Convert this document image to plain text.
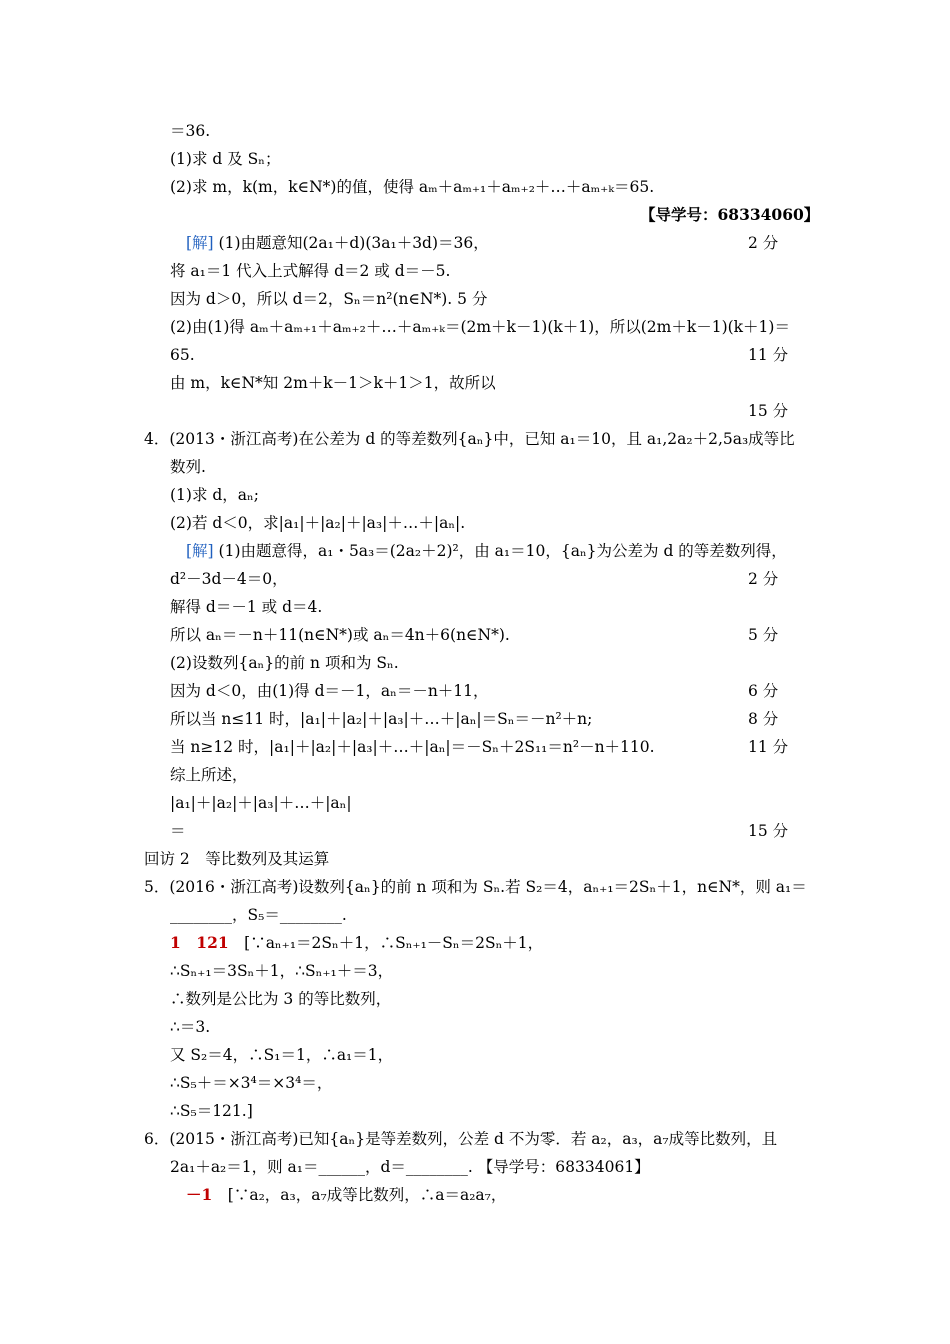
＝36.
(1)求 d 及 Sₙ；
(2)求 m，k(m，k∈N*)的值，使得 aₘ＋aₘ₊₁＋aₘ₊₂＋…＋aₘ₊ₖ＝65.
【导学号：68334060】
[解] (1)由题意知(2a₁＋d)(3a₁＋3d)＝36，	2 分
将 a₁＝1 代入上式解得 d＝2 或 d＝－5.
因为 d＞0，所以 d＝2，Sₙ＝n²(n∈N*). 5 分
(2)由(1)得 aₘ＋aₘ₊₁＋aₘ₊₂＋…＋aₘ₊ₖ＝(2m＋k－1)(k＋1)，所以(2m＋k－1)(k＋1)＝
65.	11 分
由 m，k∈N*知 2m＋k－1＞k＋1＞1，故所以
15 分
4．(2013・浙江高考)在公差为 d 的等差数列{aₙ}中，已知 a₁＝10，且 a₁,2a₂＋2,5a₃成等比
数列.
(1)求 d，aₙ;
(2)若 d＜0，求|a₁|＋|a₂|＋|a₃|＋…＋|aₙ|.
[解] (1)由题意得，a₁・5a₃＝(2a₂＋2)²，由 a₁＝10，{aₙ}为公差为 d 的等差数列得，
d²－3d－4＝0，	2 分
解得 d＝－1 或 d＝4.
所以 aₙ＝－n＋11(n∈N*)或 aₙ＝4n＋6(n∈N*).	5 分
(2)设数列{aₙ}的前 n 项和为 Sₙ.
因为 d＜0，由(1)得 d＝－1，aₙ＝－n＋11，	6 分
所以当 n≤11 时，|a₁|＋|a₂|＋|a₃|＋…＋|aₙ|＝Sₙ＝－n²＋n;	8 分
当 n≥12 时，|a₁|＋|a₂|＋|a₃|＋…＋|aₙ|＝－Sₙ＋2S₁₁＝n²－n＋110.	11 分
综上所述，
|a₁|＋|a₂|＋|a₃|＋…＋|aₙ|
＝	15 分
回访 2　等比数列及其运算
5．(2016・浙江高考)设数列{aₙ}的前 n 项和为 Sₙ.若 S₂＝4，aₙ₊₁＝2Sₙ＋1，n∈N*，则 a₁＝
________，S₅＝________.
1　121　[∵aₙ₊₁＝2Sₙ＋1，∴Sₙ₊₁－Sₙ＝2Sₙ＋1，
∴Sₙ₊₁＝3Sₙ＋1，∴Sₙ₊₁＋＝3，
∴数列是公比为 3 的等比数列，
∴＝3.
又 S₂＝4，∴S₁＝1，∴a₁＝1，
∴S₅＋＝×3⁴＝×3⁴＝，
∴S₅＝121.]
6．(2015・浙江高考)已知{aₙ}是等差数列，公差 d 不为零．若 a₂，a₃，a₇成等比数列，且
2a₁＋a₂＝1，则 a₁＝______，d＝________. 【导学号：68334061】
－1　[∵a₂，a₃，a₇成等比数列，∴a＝a₂a₇，
